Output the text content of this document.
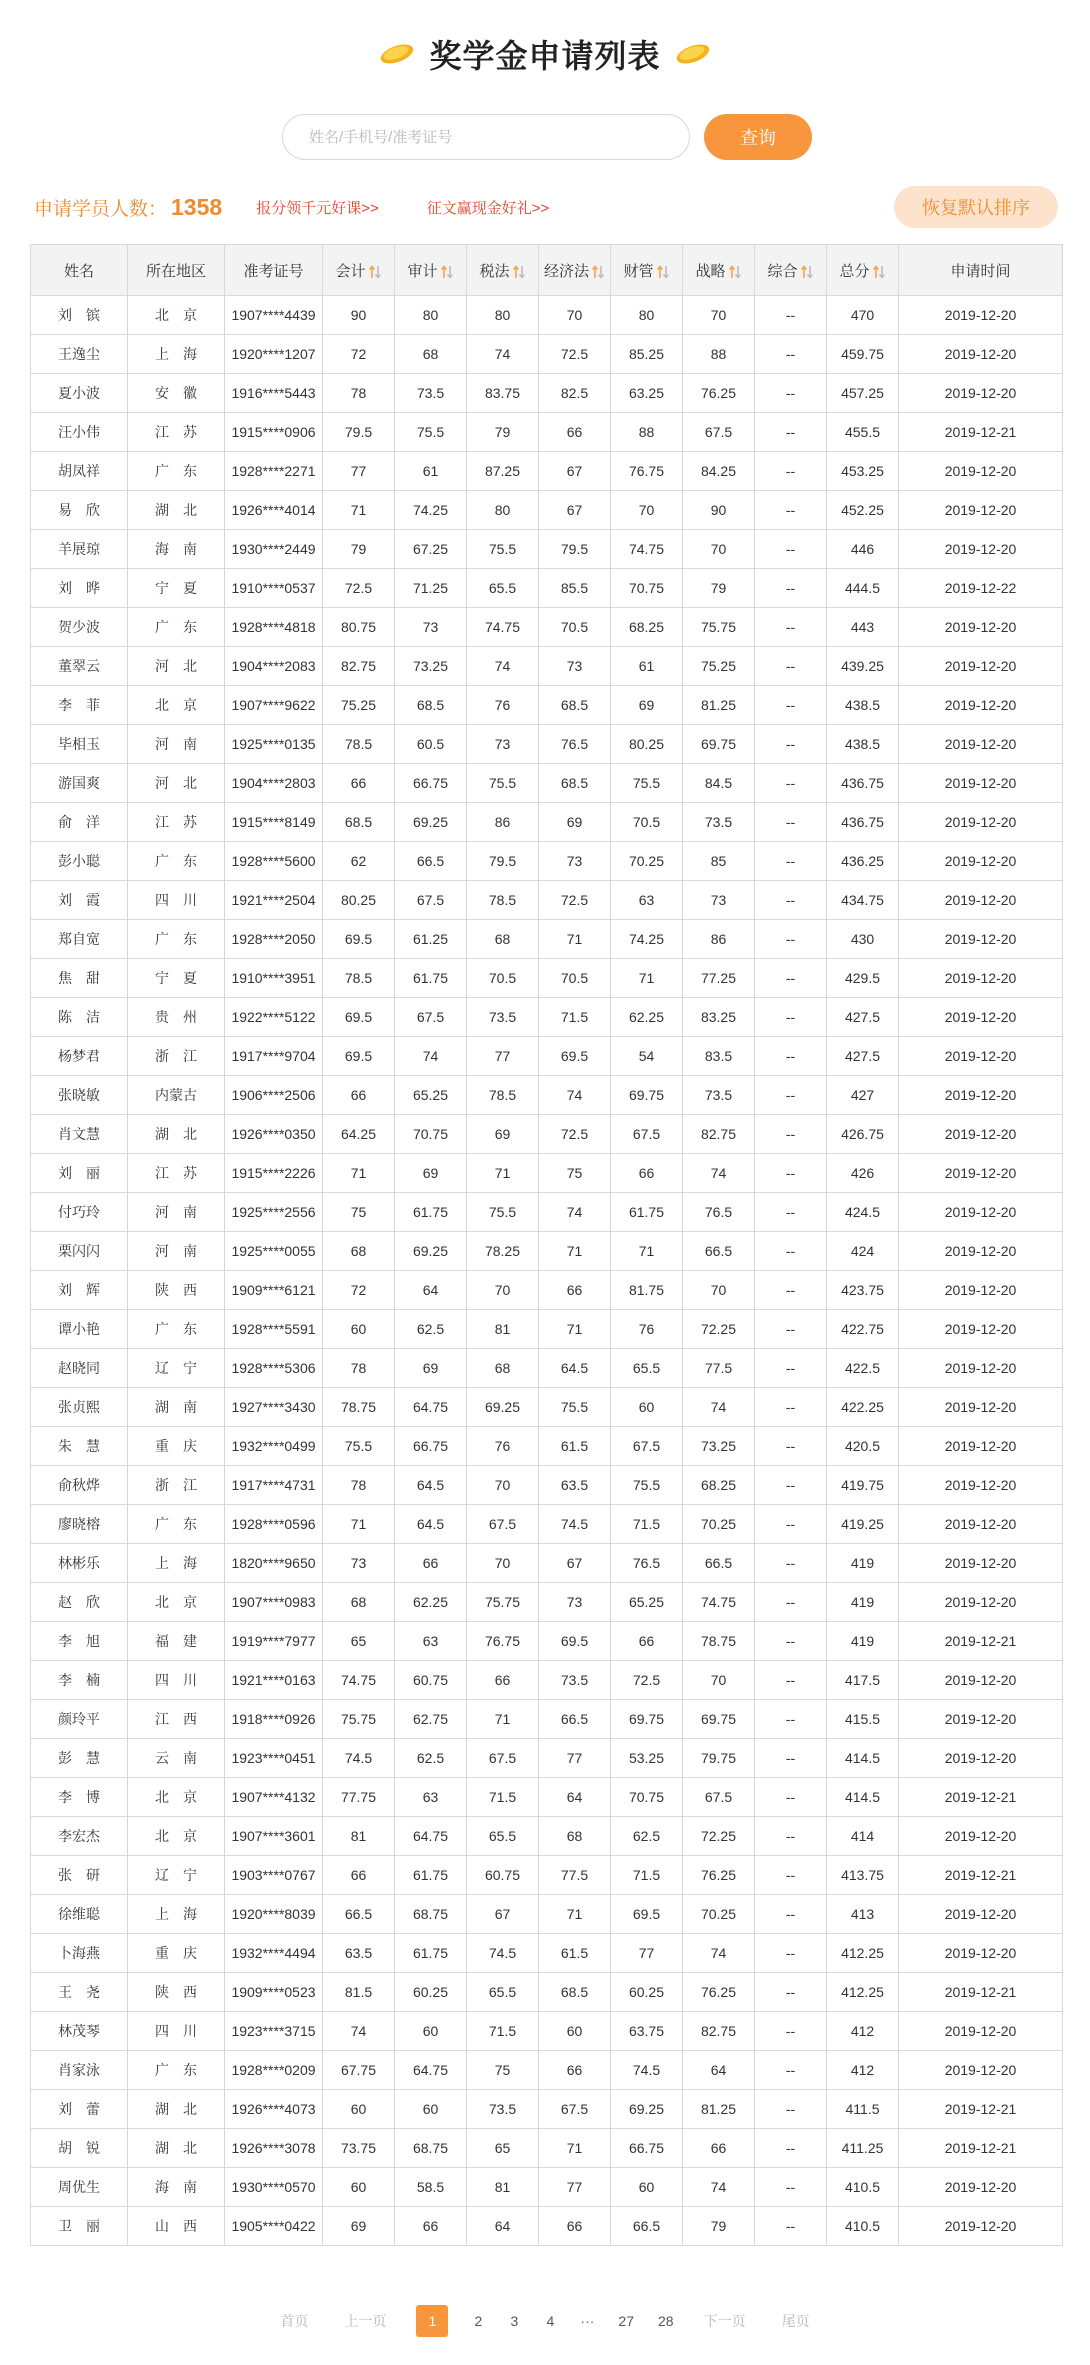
奖学金申请列表
姓名/手机号/准考证号
查询
申请学员人数： 1358 报分领千元好课>>	征文赢现金好礼>>	恢复默认排序
姓名	所在地区	准考证号	会计	审计	税法	经济法	财管	战略	综合	总分	申请时间
刘　镔	北　京	1907****4439	90	80	80	70	80	70	--	470	2019-12-20
王逸尘	上　海	1920****1207	72	68	74	72.5	85.25	88	--	459.75	2019-12-20
夏小波	安　徽	1916****5443	78	73.5	83.75	82.5	63.25	76.25	--	457.25	2019-12-20
汪小伟	江　苏	1915****0906	79.5	75.5	79	66	88	67.5	--	455.5	2019-12-21
胡凤祥	广　东	1928****2271	77	61	87.25	67	76.75	84.25	--	453.25	2019-12-20
易　欣	湖　北	1926****4014	71	74.25	80	67	70	90	--	452.25	2019-12-20
羊展琼	海　南	1930****2449	79	67.25	75.5	79.5	74.75	70	--	446	2019-12-20
刘　晔	宁　夏	1910****0537	72.5	71.25	65.5	85.5	70.75	79	--	444.5	2019-12-22
贺少波	广　东	1928****4818	80.75	73	74.75	70.5	68.25	75.75	--	443	2019-12-20
董翠云	河　北	1904****2083	82.75	73.25	74	73	61	75.25	--	439.25	2019-12-20
李　菲	北　京	1907****9622	75.25	68.5	76	68.5	69	81.25	--	438.5	2019-12-20
毕相玉	河　南	1925****0135	78.5	60.5	73	76.5	80.25	69.75	--	438.5	2019-12-20
游国爽	河　北	1904****2803	66	66.75	75.5	68.5	75.5	84.5	--	436.75	2019-12-20
俞　洋	江　苏	1915****8149	68.5	69.25	86	69	70.5	73.5	--	436.75	2019-12-20
彭小聪	广　东	1928****5600	62	66.5	79.5	73	70.25	85	--	436.25	2019-12-20
刘　霞	四　川	1921****2504	80.25	67.5	78.5	72.5	63	73	--	434.75	2019-12-20
郑自宽	广　东	1928****2050	69.5	61.25	68	71	74.25	86	--	430	2019-12-20
焦　甜	宁　夏	1910****3951	78.5	61.75	70.5	70.5	71	77.25	--	429.5	2019-12-20
陈　洁	贵　州	1922****5122	69.5	67.5	73.5	71.5	62.25	83.25	--	427.5	2019-12-20
杨梦君	浙　江	1917****9704	69.5	74	77	69.5	54	83.5	--	427.5	2019-12-20
张晓敏	内蒙古	1906****2506	66	65.25	78.5	74	69.75	73.5	--	427	2019-12-20
肖文慧	湖　北	1926****0350	64.25	70.75	69	72.5	67.5	82.75	--	426.75	2019-12-20
刘　丽	江　苏	1915****2226	71	69	71	75	66	74	--	426	2019-12-20
付巧玲	河　南	1925****2556	75	61.75	75.5	74	61.75	76.5	--	424.5	2019-12-20
栗闪闪	河　南	1925****0055	68	69.25	78.25	71	71	66.5	--	424	2019-12-20
刘　辉	陕　西	1909****6121	72	64	70	66	81.75	70	--	423.75	2019-12-20
谭小艳	广　东	1928****5591	60	62.5	81	71	76	72.25	--	422.75	2019-12-20
赵晓同	辽　宁	1928****5306	78	69	68	64.5	65.5	77.5	--	422.5	2019-12-20
张贞熙	湖　南	1927****3430	78.75	64.75	69.25	75.5	60	74	--	422.25	2019-12-20
朱　慧	重　庆	1932****0499	75.5	66.75	76	61.5	67.5	73.25	--	420.5	2019-12-20
俞秋烨	浙　江	1917****4731	78	64.5	70	63.5	75.5	68.25	--	419.75	2019-12-20
廖晓榕	广　东	1928****0596	71	64.5	67.5	74.5	71.5	70.25	--	419.25	2019-12-20
林彬乐	上　海	1820****9650	73	66	70	67	76.5	66.5	--	419	2019-12-20
赵　欣	北　京	1907****0983	68	62.25	75.75	73	65.25	74.75	--	419	2019-12-20
李　旭	福　建	1919****7977	65	63	76.75	69.5	66	78.75	--	419	2019-12-21
李　楠	四　川	1921****0163	74.75	60.75	66	73.5	72.5	70	--	417.5	2019-12-20
颜玲平	江　西	1918****0926	75.75	62.75	71	66.5	69.75	69.75	--	415.5	2019-12-20
彭　慧	云　南	1923****0451	74.5	62.5	67.5	77	53.25	79.75	--	414.5	2019-12-20
李　博	北　京	1907****4132	77.75	63	71.5	64	70.75	67.5	--	414.5	2019-12-21
李宏杰	北　京	1907****3601	81	64.75	65.5	68	62.5	72.25	--	414	2019-12-20
张　研	辽　宁	1903****0767	66	61.75	60.75	77.5	71.5	76.25	--	413.75	2019-12-21
徐维聪	上　海	1920****8039	66.5	68.75	67	71	69.5	70.25	--	413	2019-12-20
卜海燕	重　庆	1932****4494	63.5	61.75	74.5	61.5	77	74	--	412.25	2019-12-20
王　尧	陕　西	1909****0523	81.5	60.25	65.5	68.5	60.25	76.25	--	412.25	2019-12-21
林茂琴	四　川	1923****3715	74	60	71.5	60	63.75	82.75	--	412	2019-12-20
肖家泳	广　东	1928****0209	67.75	64.75	75	66	74.5	64	--	412	2019-12-20
刘　蕾	湖　北	1926****4073	60	60	73.5	67.5	69.25	81.25	--	411.5	2019-12-21
胡　锐	湖　北	1926****3078	73.75	68.75	65	71	66.75	66	--	411.25	2019-12-21
周优生	海　南	1930****0570	60	58.5	81	77	60	74	--	410.5	2019-12-20
卫　丽	山　西	1905****0422	69	66	64	66	66.5	79	--	410.5	2019-12-20
首页	上一页	1	2 3 4 ··· 27 28 下一页	尾页
